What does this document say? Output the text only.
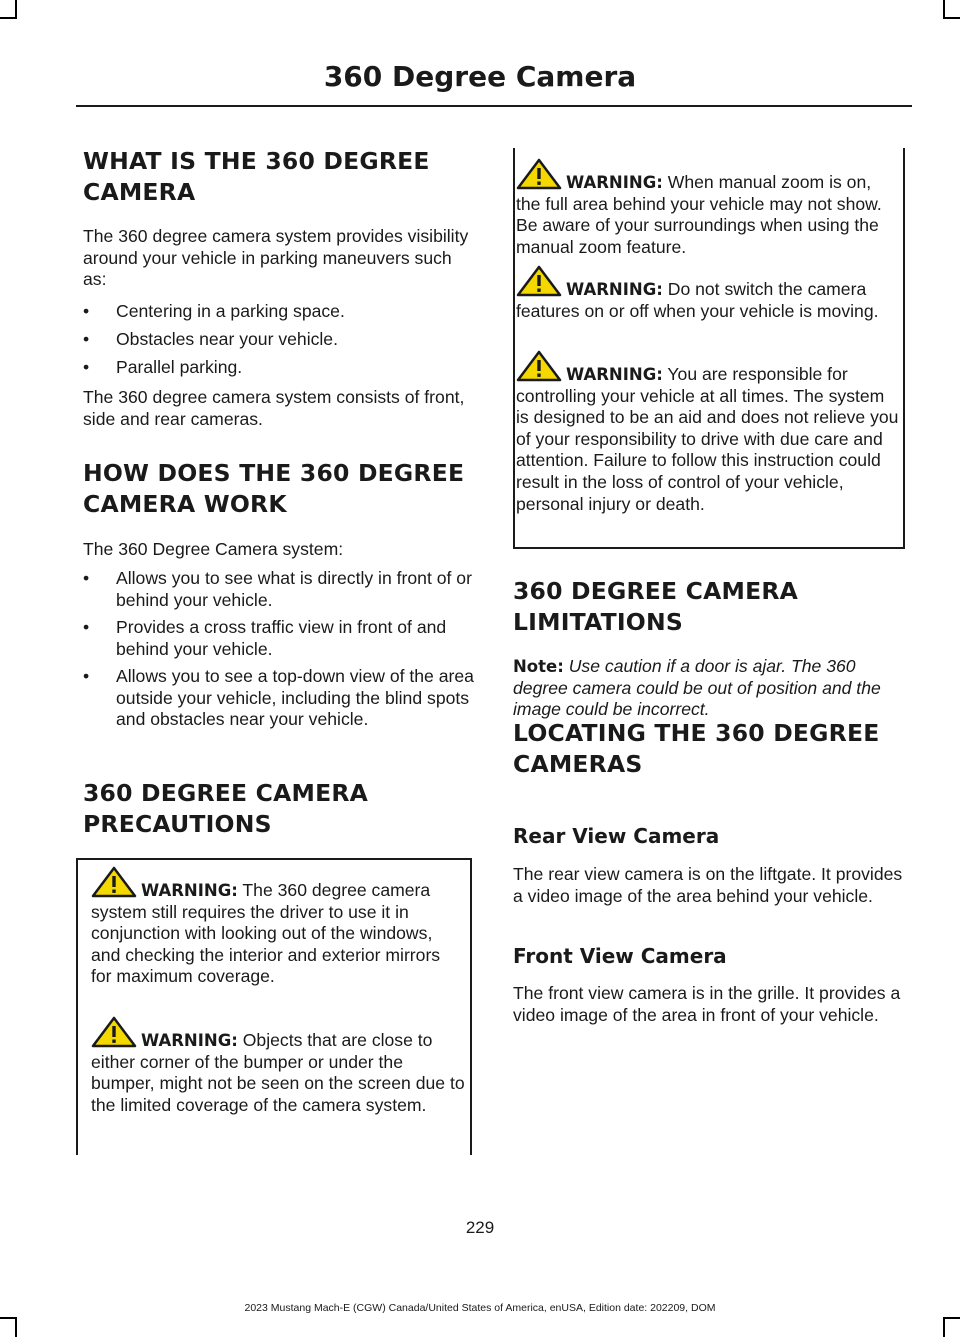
360 Degree Camera
WHAT IS THE 360 DEGREE CAMERA
The 360 degree camera system provides visibility around your vehicle in parking maneuvers such as:
• Centering in a parking space.
• Obstacles near your vehicle.
• Parallel parking.
The 360 degree camera system consists of front, side and rear cameras.
HOW DOES THE 360 DEGREE CAMERA WORK
The 360 Degree Camera system:
• Allows you to see what is directly in front of or behind your vehicle.
• Provides a cross traffic view in front of and behind your vehicle.
• Allows you to see a top-down view of the area outside your vehicle, including the blind spots and obstacles near your vehicle.
360 DEGREE CAMERA PRECAUTIONS
WARNING: The 360 degree camera system still requires the driver to use it in conjunction with looking out of the windows, and checking the interior and exterior mirrors for maximum coverage.
WARNING: Objects that are close to either corner of the bumper or under the bumper, might not be seen on the screen due to the limited coverage of the camera system.
WARNING: When manual zoom is on, the full area behind your vehicle may not show. Be aware of your surroundings when using the manual zoom feature.
WARNING: Do not switch the camera features on or off when your vehicle is moving.
WARNING: You are responsible for controlling your vehicle at all times. The system is designed to be an aid and does not relieve you of your responsibility to drive with due care and attention. Failure to follow this instruction could result in the loss of control of your vehicle, personal injury or death.
360 DEGREE CAMERA LIMITATIONS
Note: Use caution if a door is ajar. The 360 degree camera could be out of position and the image could be incorrect.
LOCATING THE 360 DEGREE CAMERAS
Rear View Camera
The rear view camera is on the liftgate. It provides a video image of the area behind your vehicle.
Front View Camera
The front view camera is in the grille. It provides a video image of the area in front of your vehicle.
229
2023 Mustang Mach-E (CGW) Canada/United States of America, enUSA, Edition date: 202209, DOM
